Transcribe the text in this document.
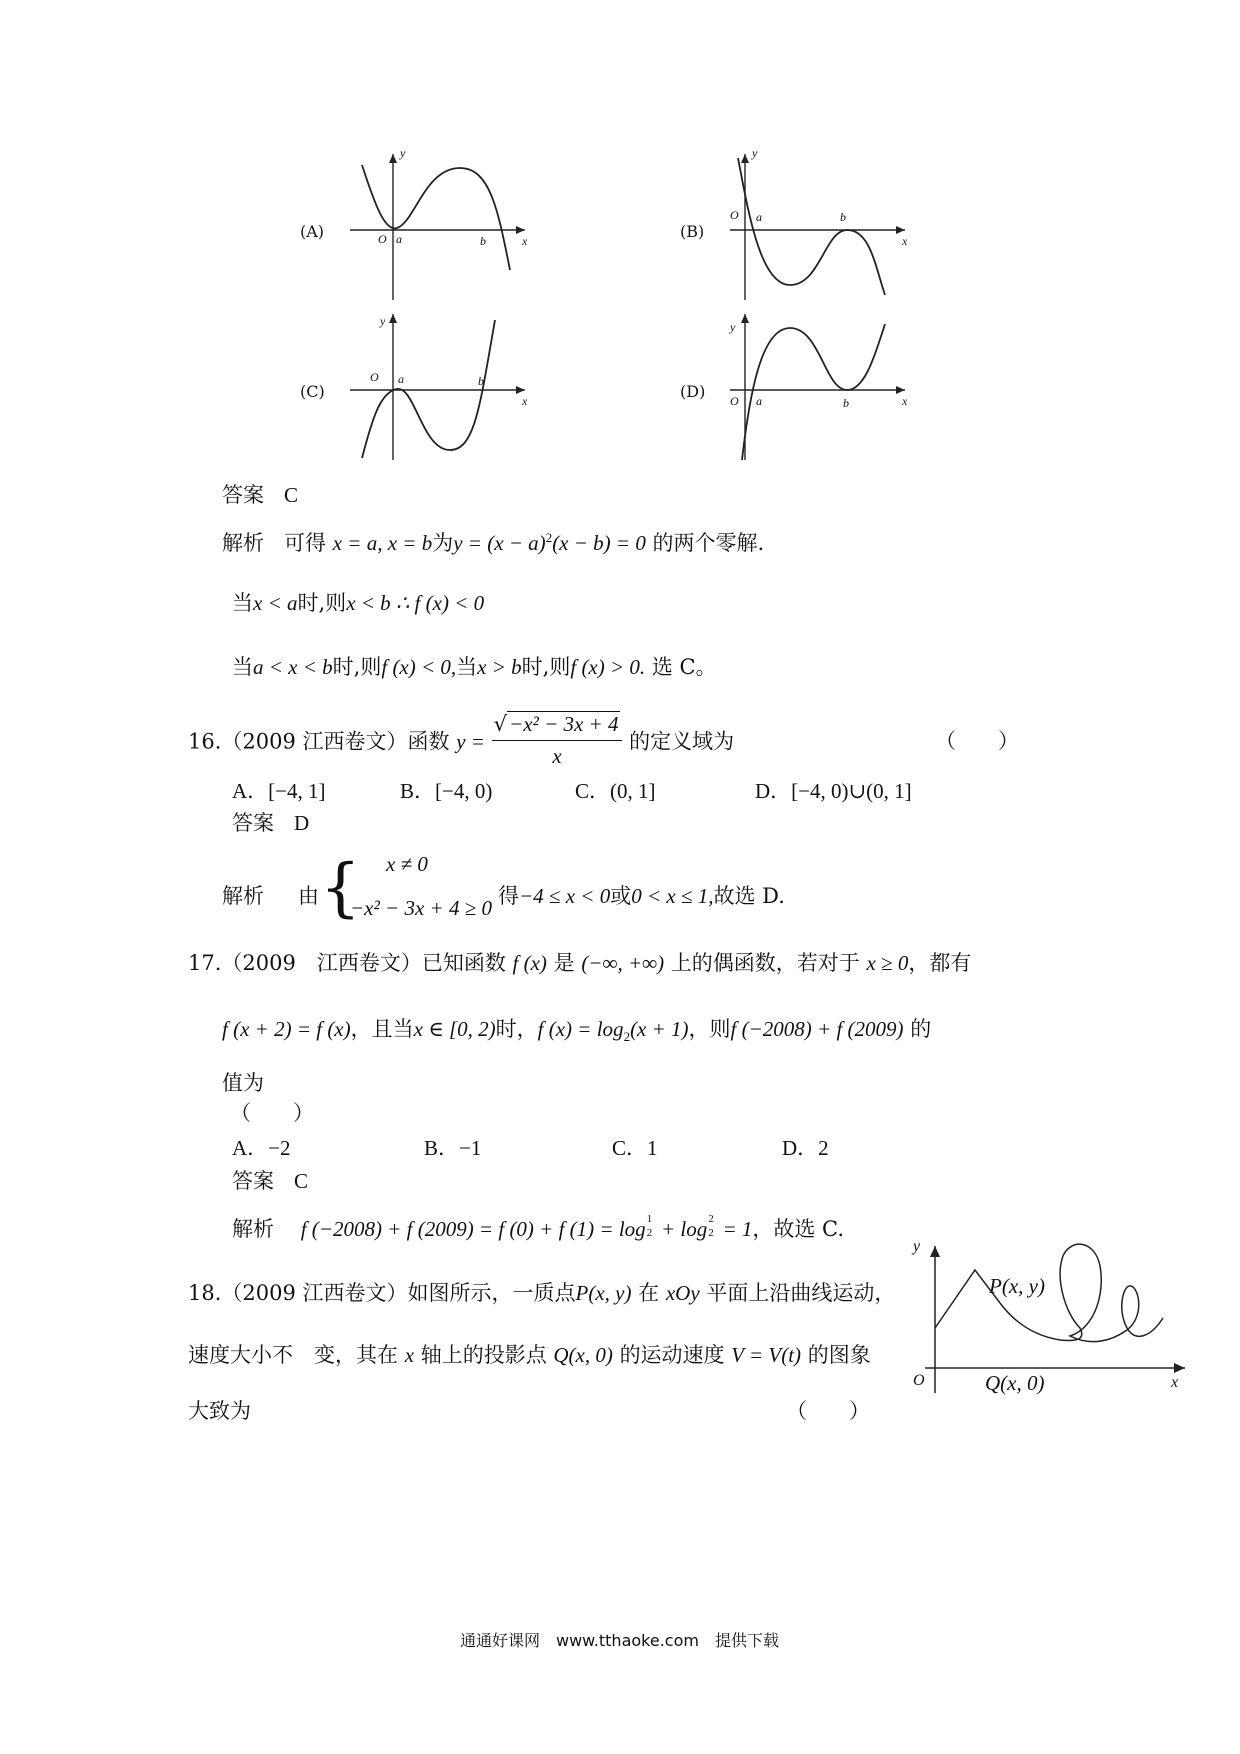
(A)
y
O a	b	x	(B)
y
O a	b
x
(C)
y
O a	b
x	(D)
y
O a	b	x
答案 C
解析 可得 x = a, x = b为$y = (x - a)^2(x - b) = 0$ 的两个零解.
当x < a时,则x < b ∴ f (x) < 0
当a < x < b时,则f (x) < 0,当x > b时,则f (x) > 0. 选 C。
16.（2009 江西卷文）函数 $y = \frac{\text{√−x² − 3x + 4}}{x}$ 的定义域为	（　　）
A．[−4, 1]	B．[−4, 0)	C．(0, 1]	D．[−4, 0)∪(0, 1]
答案 D
解析 由 { x ≠ 0
−x² − 3x + 4 ≥ 0 得−4 ≤ x < 0或0 < x ≤ 1,故选 D.
17.（2009　江西卷文）已知函数 f (x) 是 (−∞, +∞) 上的偶函数，若对于 x ≥ 0，都有
f (x + 2) = f (x)，且当x ∈ [0, 2)时，f $(x) = \log_2(x + 1)$，则f (−2008) + f (2009) 的
值为
（　　）
A．−2	B．−1	C．1	D．2
答案 C
解析 f (−2008) + f (2009) = f (0) + f (1) = log 1
2 + log 2
2 = 1，故选 C.
18.（2009 江西卷文）如图所示，一质点P(x, y) 在 xOy 平面上沿曲线运动，
速度大小不　变，其在 x 轴上的投影点 Q(x, 0) 的运动速度 V = V(t) 的图象
大致为	（　　）
y
O	x
P(x, y)
Q(x, 0)
通通好课网　www.tthaoke.com　提供下载
